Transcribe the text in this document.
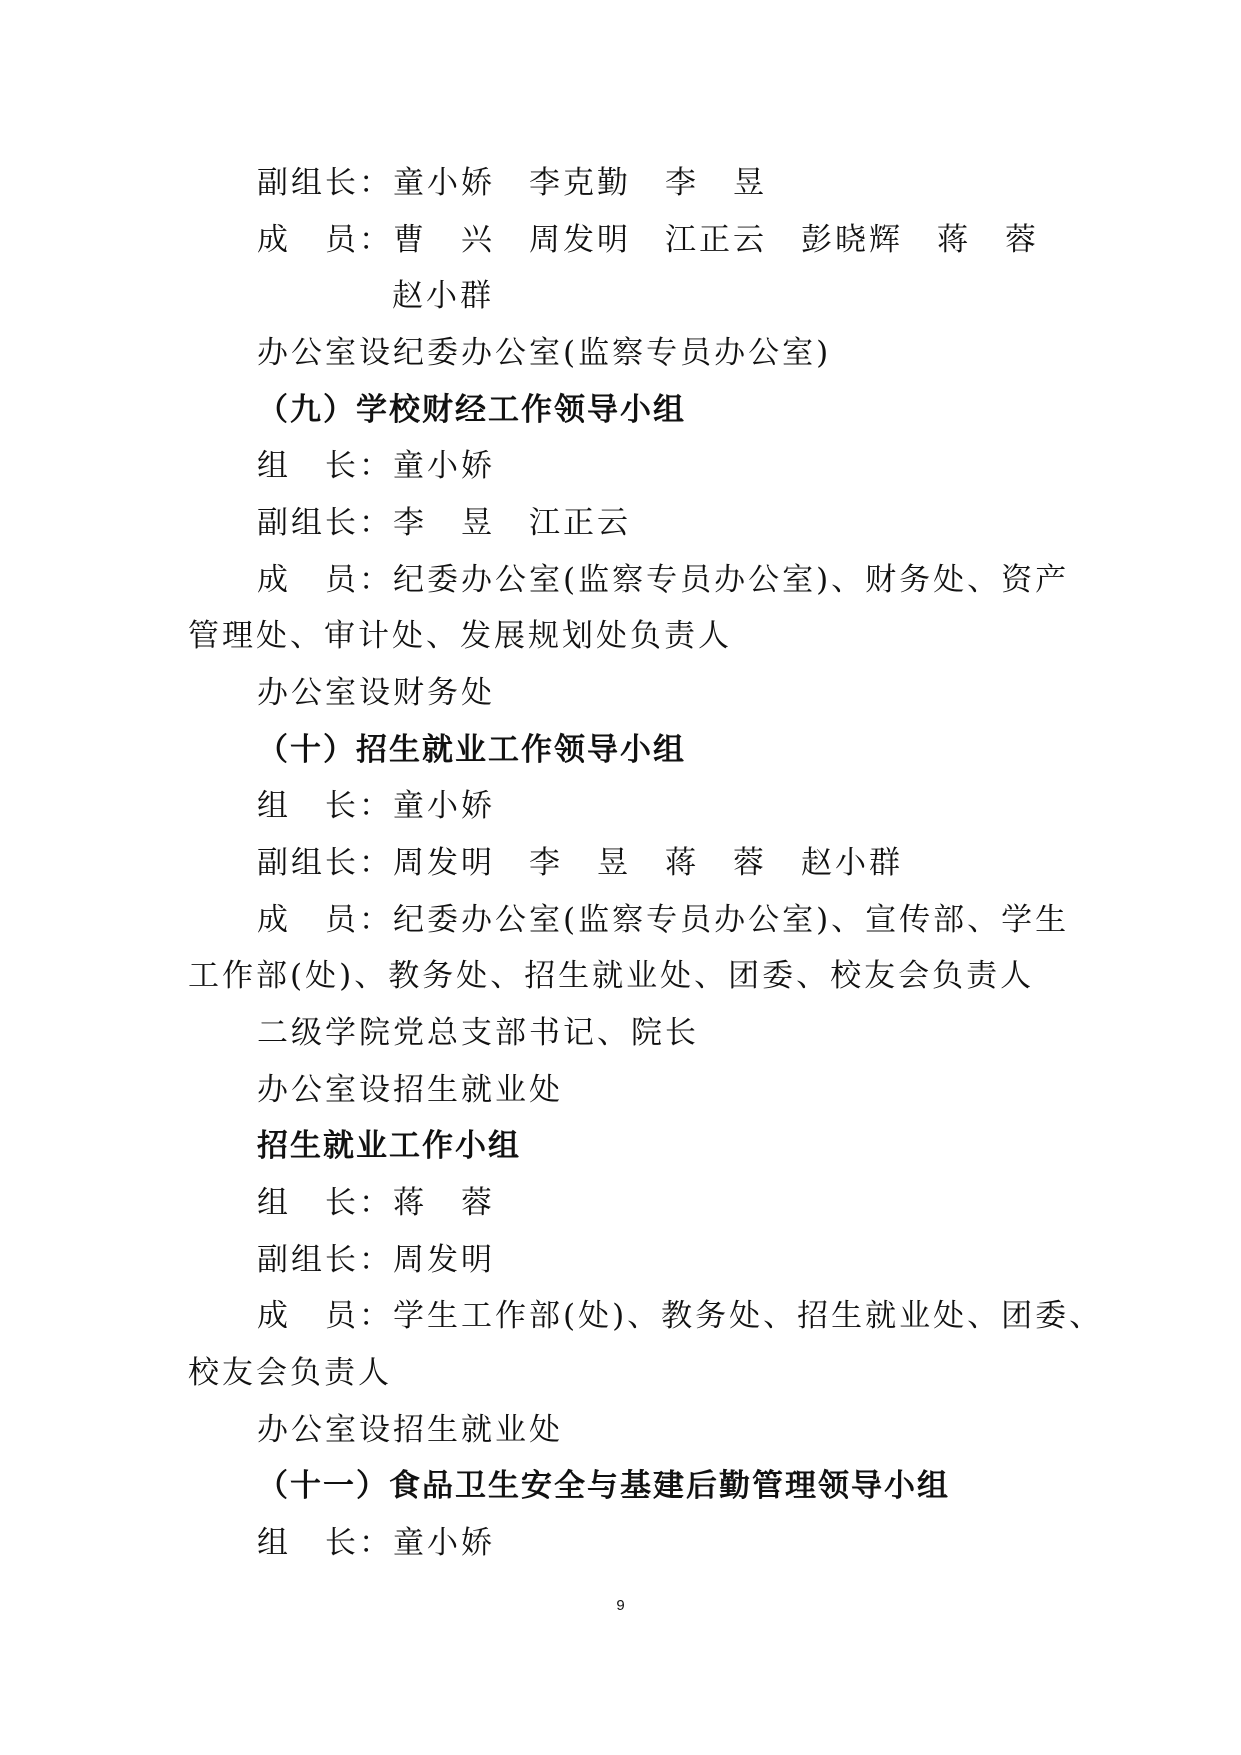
副组长：童小娇　李克勤　李　昱
成　员：曹　兴　周发明　江正云　彭晓辉　蒋　蓉
赵小群
办公室设纪委办公室(监察专员办公室)
（九）学校财经工作领导小组
组　长：童小娇
副组长：李　昱　江正云
成　员：纪委办公室(监察专员办公室)、财务处、资产
管理处、审计处、发展规划处负责人
办公室设财务处
（十）招生就业工作领导小组
组　长：童小娇
副组长：周发明　李　昱　蒋　蓉　赵小群
成　员：纪委办公室(监察专员办公室)、宣传部、学生
工作部(处)、教务处、招生就业处、团委、校友会负责人
二级学院党总支部书记、院长
办公室设招生就业处
招生就业工作小组
组　长：蒋　蓉
副组长：周发明
成　员：学生工作部(处)、教务处、招生就业处、团委、
校友会负责人
办公室设招生就业处
（十一）食品卫生安全与基建后勤管理领导小组
组　长：童小娇
9
